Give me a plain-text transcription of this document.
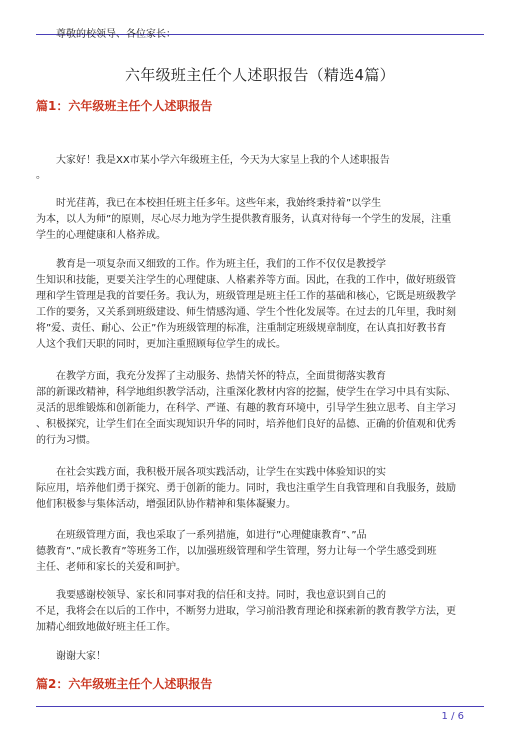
六年级班主任个人述职报告（精选4篇）
篇1：六年级班主任个人述职报告
尊敬的校领导、各位家长：
大家好！我是XX市某小学六年级班主任，今天为大家呈上我的个人述职报告
。
时光荏苒，我已在本校担任班主任多年。这些年来，我始终秉持着”以学生
为本，以人为师”的原则，尽心尽力地为学生提供教育服务，认真对待每一个学生的发展，注重
学生的心理健康和人格养成。
教育是一项复杂而又细致的工作。作为班主任，我们的工作不仅仅是教授学
生知识和技能，更要关注学生的心理健康、人格素养等方面。因此，在我的工作中，做好班级管
理和学生管理是我的首要任务。我认为，班级管理是班主任工作的基础和核心，它既是班级教学
工作的要务，又关系到班级建设、师生情感沟通、学生个性化发展等。在过去的几年里，我时刻
将”爱、责任、耐心、公正”作为班级管理的标准，注重制定班级规章制度，在认真扣好教书育
人这个我们天职的同时，更加注重照顾每位学生的成长。
在教学方面，我充分发挥了主动服务、热情关怀的特点，全面贯彻落实教育
部的新课改精神，科学地组织教学活动，注重深化教材内容的挖掘，使学生在学习中具有实际、
灵活的思维锻炼和创新能力，在科学、严谨、有趣的教育环境中，引导学生独立思考、自主学习
、积极探究，让学生们在全面实现知识升华的同时，培养他们良好的品德、正确的价值观和优秀
的行为习惯。
在社会实践方面，我积极开展各项实践活动，让学生在实践中体验知识的实
际应用，培养他们勇于探究、勇于创新的能力。同时，我也注重学生自我管理和自我服务，鼓励
他们积极参与集体活动，增强团队协作精神和集体凝聚力。
在班级管理方面，我也采取了一系列措施，如进行”心理健康教育”、”品
德教育”、”成长教育”等班务工作，以加强班级管理和学生管理，努力让每一个学生感受到班
主任、老师和家长的关爱和呵护。
我要感谢校领导、家长和同事对我的信任和支持。同时，我也意识到自己的
不足，我将会在以后的工作中，不断努力进取，学习前沿教育理论和探索新的教育教学方法，更
加精心细致地做好班主任工作。
谢谢大家！
篇2：六年级班主任个人述职报告
1 / 6
